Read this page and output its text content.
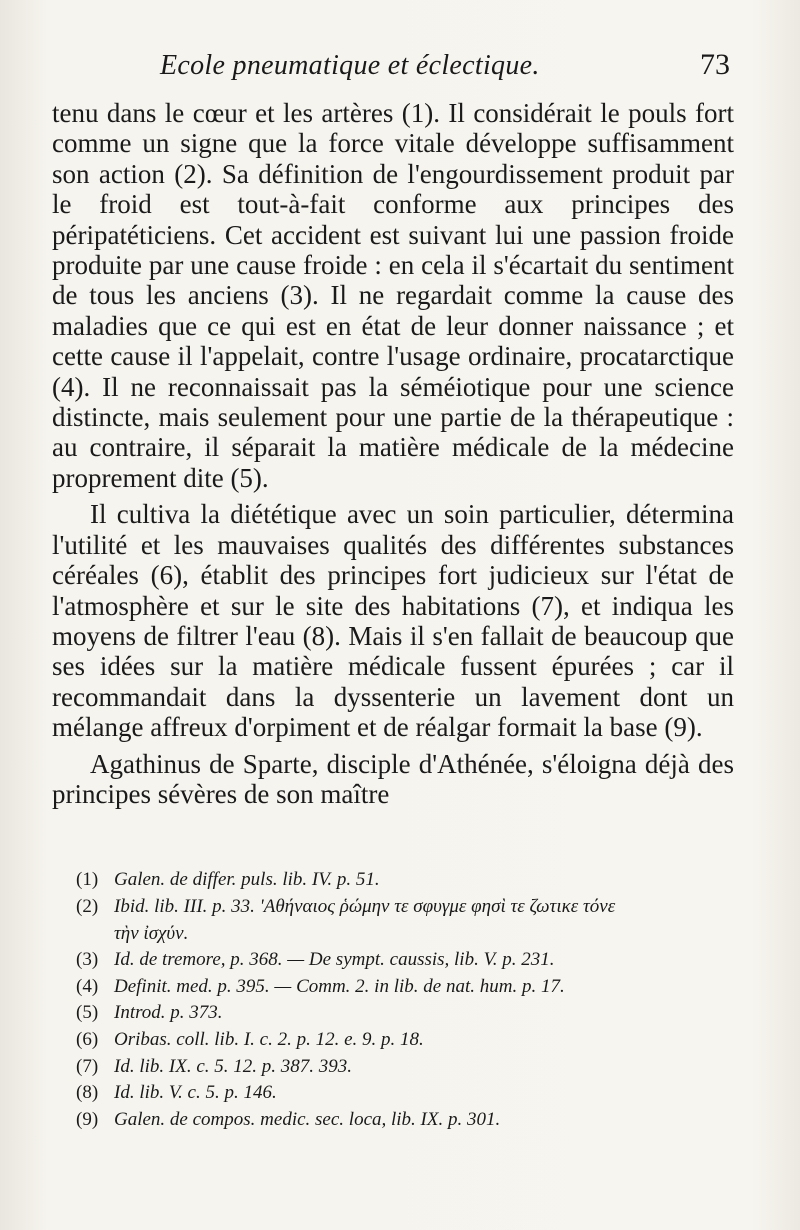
Ecole pneumatique et éclectique.	73

tenu dans le cœur et les artères (1). Il considérait le pouls fort comme un signe que la force vitale développe suffisamment son action (2). Sa définition de l'engourdissement produit par le froid est tout-à-fait conforme aux principes des péripatéticiens. Cet accident est suivant lui une passion froide produite par une cause froide : en cela il s'écartait du sentiment de tous les anciens (3). Il ne regardait comme la cause des maladies que ce qui est en état de leur donner naissance ; et cette cause il l'appelait, contre l'usage ordinaire, procatarctique (4). Il ne reconnaissait pas la séméiotique pour une science distincte, mais seulement pour une partie de la thérapeutique : au contraire, il séparait la matière médicale de la médecine proprement dite (5).

Il cultiva la diététique avec un soin particulier, détermina l'utilité et les mauvaises qualités des différentes substances céréales (6), établit des principes fort judicieux sur l'état de l'atmosphère et sur le site des habitations (7), et indiqua les moyens de filtrer l'eau (8). Mais il s'en fallait de beaucoup que ses idées sur la matière médicale fussent épurées ; car il recommandait dans la dyssenterie un lavement dont un mélange affreux d'orpiment et de réalgar formait la base (9).

Agathinus de Sparte, disciple d'Athénée, s'éloigna déjà des principes sévères de son maître

(1) Galen. de differ. puls. lib. IV. p. 51.
(2) Ibid. lib. III. p. 33. 'Αθήναιος ῥώμην τε σφυγμε φησὶ τε ζωτικε τόνε
τὴν ἰσχύν.
(3) Id. de tremore, p. 368. — De sympt. caussis, lib. V. p. 231.
(4) Definit. med. p. 395. — Comm. 2. in lib. de nat. hum. p. 17.
(5) Introd. p. 373.
(6) Oribas. coll. lib. I. c. 2. p. 12. e. 9. p. 18.
(7) Id. lib. IX. c. 5. 12. p. 387. 393.
(8) Id. lib. V. c. 5. p. 146.
(9) Galen. de compos. medic. sec. loca, lib. IX. p. 301.
